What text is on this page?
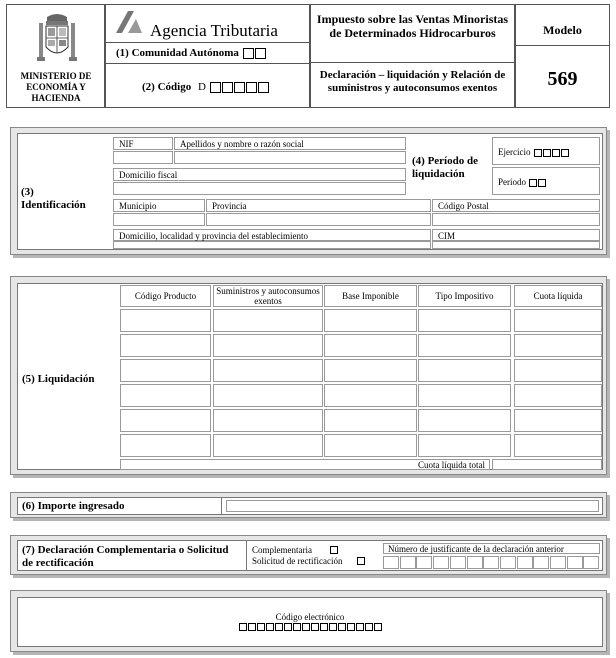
MINISTERIO DE ECONOMÍA Y HACIENDA
Agencia Tributaria
(1) Comunidad Autónoma
(2) Código D
Impuesto sobre las Ventas Minoristas de Determinados Hidrocarburos
Declaración – liquidación y Relación de suministros y autoconsumos exentos
Modelo
569
(3) Identificación
NIF	Apellidos y nombre o razón social
Domicilio fiscal
(4) Período de liquidación
Ejercicio
Período
Municipio	Provincia	Código Postal
Domicilio, localidad y provincia del establecimiento	CIM
(5) Liquidación
Código Producto	Suministros y autoconsumos exentos	Base Imponible	Tipo Impositivo	Cuota líquida
Cuota líquida total
(6) Importe ingresado
(7) Declaración Complementaria o Solicitud de rectificación
Complementaria
Solicitud de rectificación
Número de justificante de la declaración anterior
Código electrónico
